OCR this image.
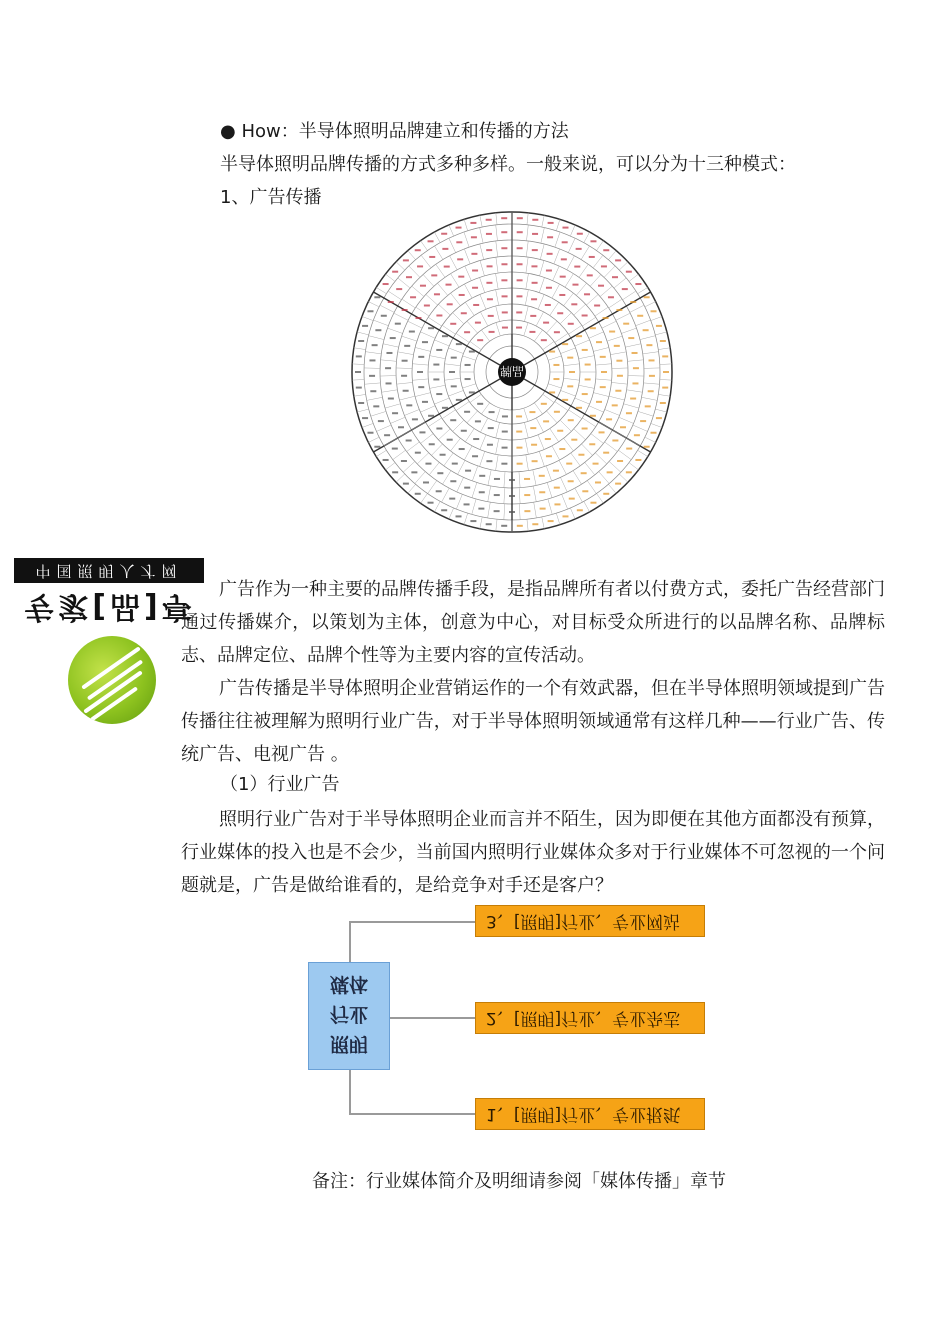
● How：半导体照明品牌建立和传播的方法
半导体照明品牌传播的方式多种多样。一般来说，可以分为十三种模式：
1、广告传播
品牌
中国照明人才网
专家[品]亭	广告作为一种主要的品牌传播手段，是指品牌所有者以付费方式，委托广告经营部门通过传播媒介，以策划为主体，创意为中心，对目标受众所进行的以品牌名称、品牌标志、品牌定位、品牌个性等为主要内容的宣传活动。
广告传播是半导体照明企业营销运作的一个有效武器，但在半导体照明领域提到广告传播往往被理解为照明行业广告，对于半导体照明领域通常有这样几种——行业广告、传统广告、电视广告 。
（1）行业广告
照明行业广告对于半导体照明企业而言并不陌生，因为即便在其他方面都没有预算，行业媒体的投入也是不会少，当前国内照明行业媒体众多对于行业媒体不可忽视的一个问题就是，广告是做给谁看的，是给竞争对手还是客户？
照明
行业
媒体
3、[照明]行业、专业网站
2、[照明]行业、专业杂志
1、[照明]行业、专业报纸
备注：行业媒体简介及明细请参阅「媒体传播」章节
